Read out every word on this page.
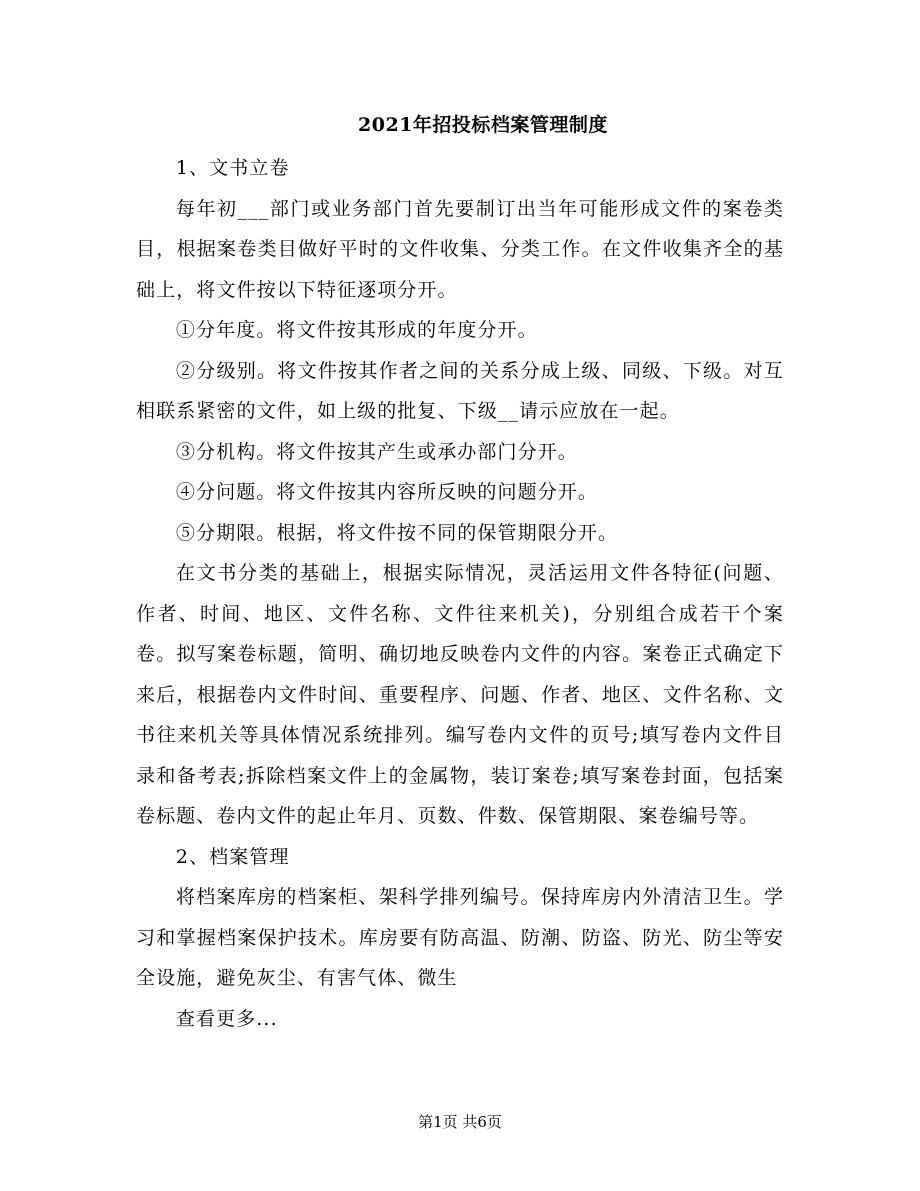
2021年招投标档案管理制度

1、文书立卷

每年初___部门或业务部门首先要制订出当年可能形成文件的案卷类目，根据案卷类目做好平时的文件收集、分类工作。在文件收集齐全的基础上，将文件按以下特征逐项分开。

①分年度。将文件按其形成的年度分开。

②分级别。将文件按其作者之间的关系分成上级、同级、下级。对互相联系紧密的文件，如上级的批复、下级__请示应放在一起。

③分机构。将文件按其产生或承办部门分开。

④分问题。将文件按其内容所反映的问题分开。

⑤分期限。根据，将文件按不同的保管期限分开。

在文书分类的基础上，根据实际情况，灵活运用文件各特征(问题、作者、时间、地区、文件名称、文件往来机关)，分别组合成若干个案卷。拟写案卷标题，简明、确切地反映卷内文件的内容。案卷正式确定下来后，根据卷内文件时间、重要程序、问题、作者、地区、文件名称、文书往来机关等具体情况系统排列。编写卷内文件的页号;填写卷内文件目录和备考表;拆除档案文件上的金属物，装订案卷;填写案卷封面，包括案卷标题、卷内文件的起止年月、页数、件数、保管期限、案卷编号等。

2、档案管理

将档案库房的档案柜、架科学排列编号。保持库房内外清洁卫生。学习和掌握档案保护技术。库房要有防高温、防潮、防盗、防光、防尘等安全设施，避免灰尘、有害气体、微生

查看更多...

第1页 共6页
